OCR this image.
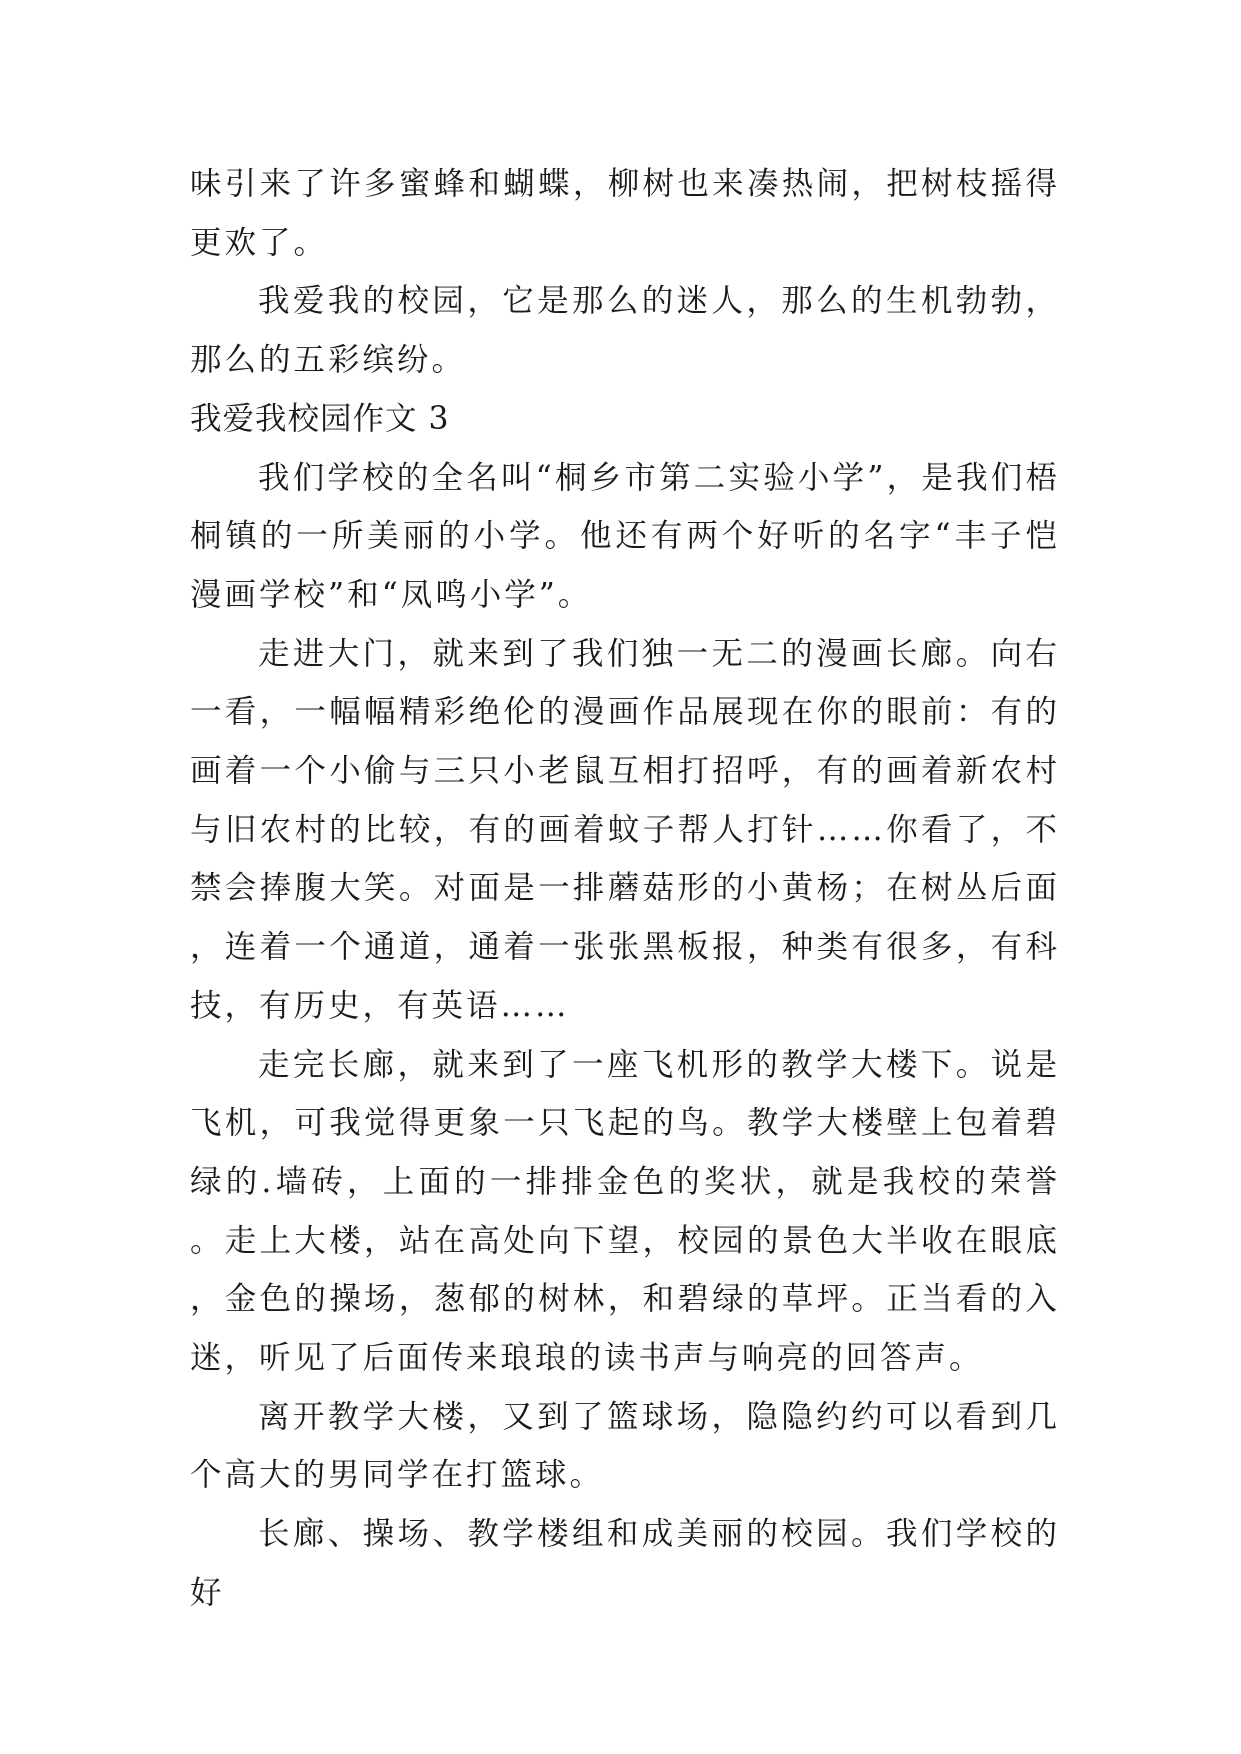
味引来了许多蜜蜂和蝴蝶，柳树也来凑热闹，把树枝摇得更欢了。

我爱我的校园，它是那么的迷人，那么的生机勃勃，那么的五彩缤纷。

我爱我校园作文 3

我们学校的全名叫“桐乡市第二实验小学”，是我们梧桐镇的一所美丽的小学。他还有两个好听的名字“丰子恺漫画学校”和“凤鸣小学”。

走进大门，就来到了我们独一无二的漫画长廊。向右一看，一幅幅精彩绝伦的漫画作品展现在你的眼前：有的画着一个小偷与三只小老鼠互相打招呼，有的画着新农村与旧农村的比较，有的画着蚊子帮人打针……你看了，不禁会捧腹大笑。对面是一排蘑菇形的小黄杨；在树丛后面，连着一个通道，通着一张张黑板报，种类有很多，有科技，有历史，有英语……

走完长廊，就来到了一座飞机形的教学大楼下。说是飞机，可我觉得更象一只飞起的鸟。教学大楼壁上包着碧绿的.墙砖，上面的一排排金色的奖状，就是我校的荣誉。走上大楼，站在高处向下望，校园的景色大半收在眼底，金色的操场，葱郁的树林，和碧绿的草坪。正当看的入迷，听见了后面传来琅琅的读书声与响亮的回答声。

离开教学大楼，又到了篮球场，隐隐约约可以看到几个高大的男同学在打篮球。

长廊、操场、教学楼组和成美丽的校园。我们学校的好
